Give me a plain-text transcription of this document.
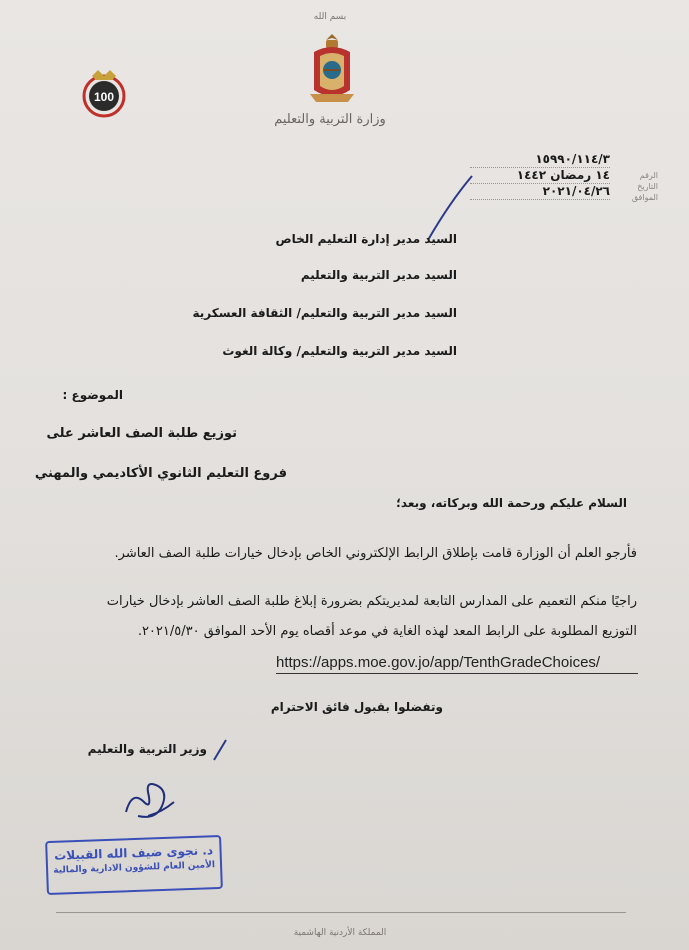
بسم الله
وزارة التربية والتعليم
100
الرقم
التاريخ
الموافق
١٥٩٩٠/١١٤/٣
١٤ رمضان ١٤٤٢
٢٠٢١/٠٤/٢٦
السيد مدير إدارة التعليم الخاص
السيد مدير التربية والتعليم
السيد مدير التربية والتعليم/ الثقافة العسكرية
السيد مدير التربية والتعليم/ وكالة الغوث
الموضوع :
توزيع طلبة الصف العاشر على
فروع التعليم الثانوي الأكاديمي والمهني
السلام عليكم ورحمة الله وبركاته، وبعد؛
فأرجو العلم أن الوزارة قامت بإطلاق الرابط الإلكتروني الخاص بإدخال خيارات طلبة الصف العاشر.
راجيًا منكم التعميم على المدارس التابعة لمديريتكم بضرورة إبلاغ طلبة الصف العاشر بإدخال خيارات
التوزيع المطلوبة على الرابط المعد لهذه الغاية في موعد أقصاه يوم الأحد الموافق ٢٠٢١/٥/٣٠.
https://apps.moe.gov.jo/app/TenthGradeChoices/
وتفضلوا بقبول فائق الاحترام
وزير التربية والتعليم
د. نجوى ضيف الله القبيلات
الأمين العام للشؤون الادارية والمالية
المملكة الأردنية الهاشمية
